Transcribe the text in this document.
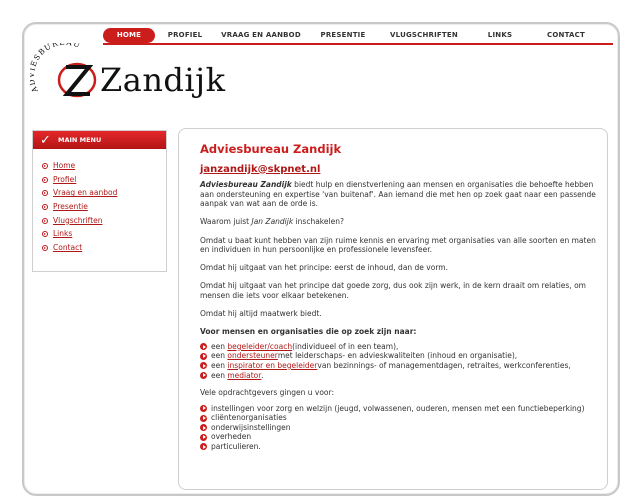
HOME	PROFIEL	VRAAG EN AANBOD	PRESENTIE	VLUGSCHRIFTEN	LINKS	CONTACT
SBUR U
Zandijk
✓ MAIN MENU
Home
Profiel
Vraag en aanbod
Presentie
Vlugschriften
Links
Contact
Adviesbureau Zandijk
janzandijk@skpnet.nl

Adviesbureau Zandijk biedt hulp en dienstverlening aan mensen en organisaties die behoefte hebben aan ondersteuning en expertise 'van buitenaf'. Aan iemand die met hen op zoek gaat naar een passende aanpak van wat aan de orde is.

Waarom juist Jan Zandijk inschakelen?

Omdat u baat kunt hebben van zijn ruime kennis en ervaring met organisaties van alle soorten en maten en individuen in hun persoonlijke en professionele levensfeer.

Omdat hij uitgaat van het principe: eerst de inhoud, dan de vorm.

Omdat hij uitgaat van het principe dat goede zorg, dus ook zijn werk, in de kern draait om relaties, om mensen die iets voor elkaar betekenen.

Omdat hij altijd maatwerk biedt.

Voor mensen en organisaties die op zoek zijn naar:

een
begeleider/coach (individueel of in een team),
een
ondersteuner met leiderschaps- en advieskwaliteiten (inhoud en organisatie),
een
inspirator en begeleider van bezinnings- of managementdagen, retraites, werkconferenties,
een
mediator .

Vele opdrachtgevers gingen u voor:

instellingen voor zorg en welzijn (jeugd, volwassenen, ouderen, mensen met een functiebeperking)
cliëntenorganisaties
onderwijsinstellingen
overheden
particulieren.
